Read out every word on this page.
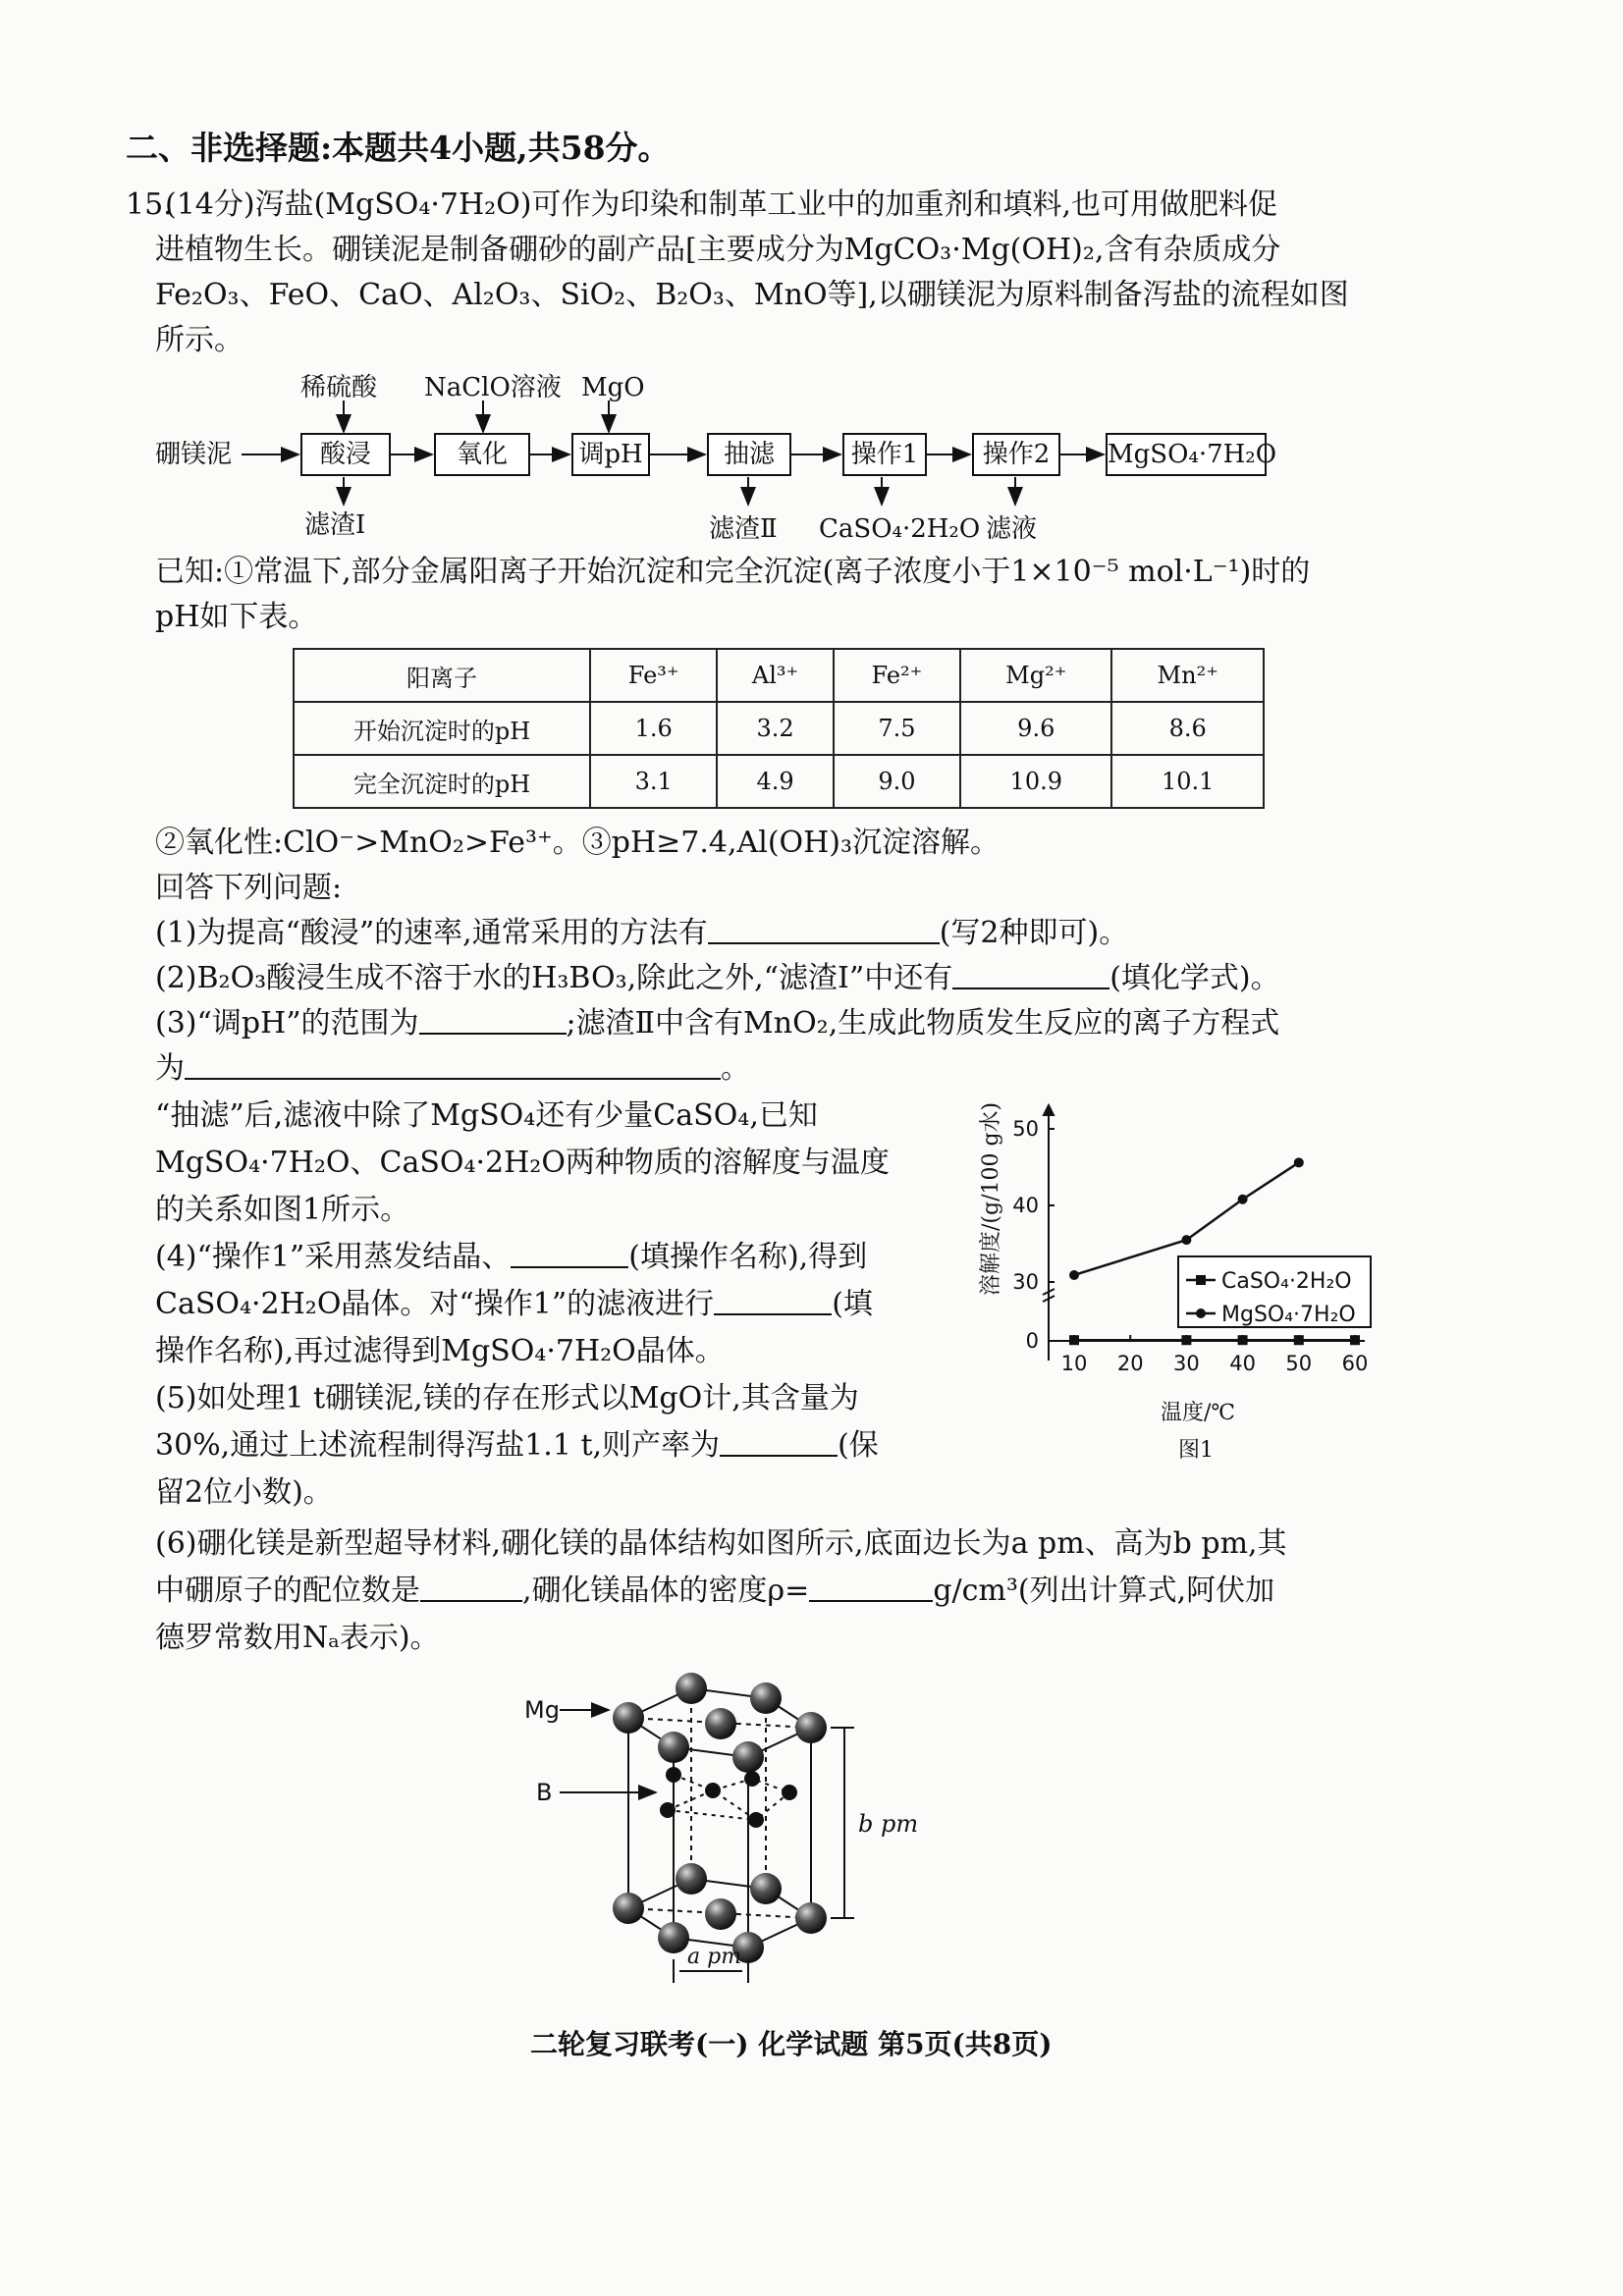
二、非选择题:本题共4小题,共58分。
15.
(14分)泻盐(MgSO₄·7H₂O)可作为印染和制革工业中的加重剂和填料,也可用做肥料促
进植物生长。硼镁泥是制备硼砂的副产品[主要成分为MgCO₃·Mg(OH)₂,含有杂质成分
Fe₂O₃、FeO、CaO、Al₂O₃、SiO₂、B₂O₃、MnO等],以硼镁泥为原料制备泻盐的流程如图
所示。
硼镁泥	酸浸	氧化	调pH	抽滤	操作1	操作2	MgSO₄·7H₂O
稀硫酸 NaClO溶液 MgO
滤渣Ⅰ	滤渣Ⅱ CaSO₄·2H₂O 滤液
已知:①常温下,部分金属阳离子开始沉淀和完全沉淀(离子浓度小于1×10⁻⁵ mol·L⁻¹)时的
pH如下表。
阳离子	Fe³⁺	Al³⁺	Fe²⁺	Mg²⁺	Mn²⁺
开始沉淀时的pH	1.6	3.2	7.5	9.6	8.6
完全沉淀时的pH	3.1	4.9	9.0	10.9	10.1
②氧化性:ClO⁻>MnO₂>Fe³⁺。③pH≥7.4,Al(OH)₃沉淀溶解。
回答下列问题:
(1)为提高“酸浸”的速率,通常采用的方法有	(写2种即可)。
(2)B₂O₃酸浸生成不溶于水的H₃BO₃,除此之外,“滤渣Ⅰ”中还有	(填化学式)。
(3)“调pH”的范围为	;滤渣Ⅱ中含有MnO₂,生成此物质发生反应的离子方程式
为	。
“抽滤”后,滤液中除了MgSO₄还有少量CaSO₄,已知
MgSO₄·7H₂O、CaSO₄·2H₂O两种物质的溶解度与温度
的关系如图1所示。
(4)“操作1”采用蒸发结晶、	(填操作名称),得到
CaSO₄·2H₂O晶体。对“操作1”的滤液进行	(填
操作名称),再过滤得到MgSO₄·7H₂O晶体。
(5)如处理1 t硼镁泥,镁的存在形式以MgO计,其含量为
30%,通过上述流程制得泻盐1.1 t,则产率为	(保
留2位小数)。
10 20 30 40 50 60
0
30
40
50
溶解度/(g/100 g水)
温度/℃
图1
CaSO₄·2H₂O
MgSO₄·7H₂O
(6)硼化镁是新型超导材料,硼化镁的晶体结构如图所示,底面边长为a pm、高为b pm,其
中硼原子的配位数是	,硼化镁晶体的密度ρ=	g/cm³(列出计算式,阿伏加
德罗常数用Nₐ表示)。
Mg
B
b pm
a pm
二轮复习联考(一) 化学试题 第5页(共8页)
